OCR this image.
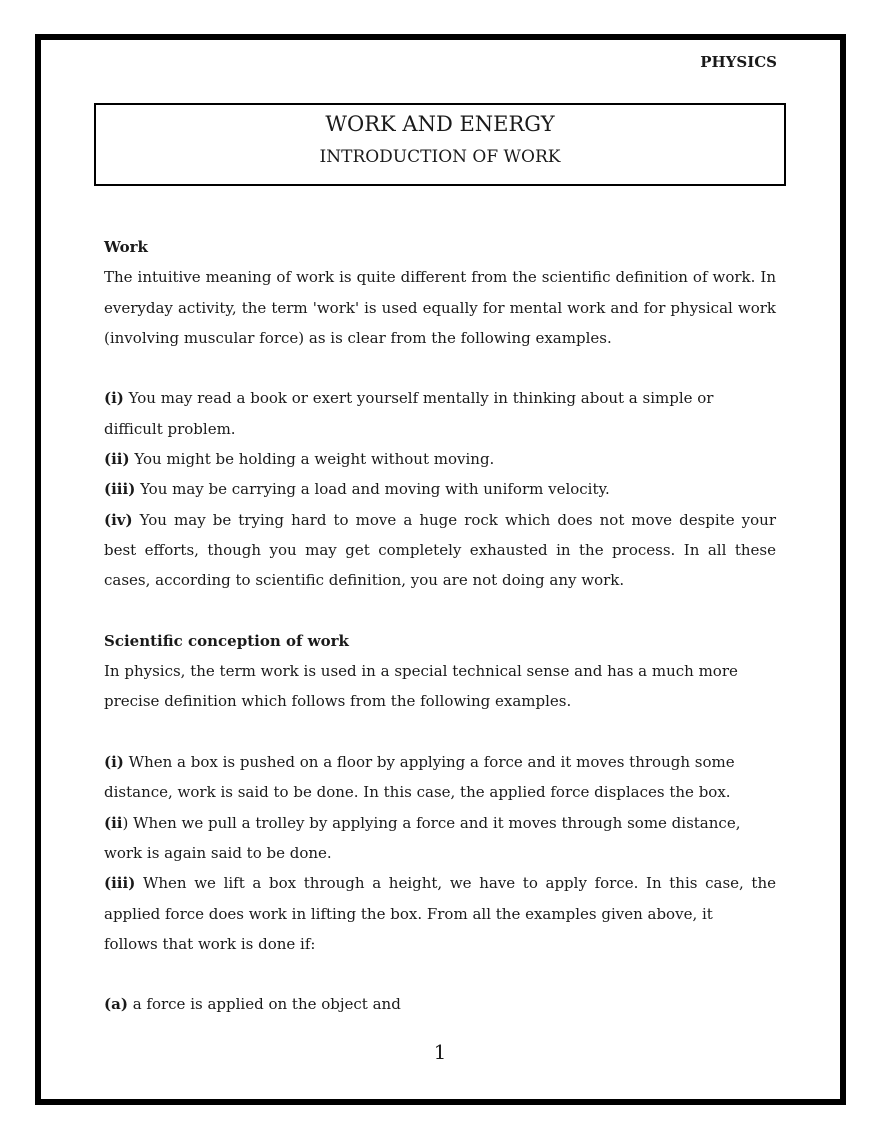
PHYSICS
WORK AND ENERGY
INTRODUCTION OF WORK

Work

The intuitive meaning of work is quite different from the scientific definition of work. In everyday activity, the term 'work' is used equally for mental work and for physical work (involving muscular force) as is clear from the following examples.

(i) You may read a book or exert yourself mentally in thinking about a simple or

difficult problem.

(ii) You might be holding a weight without moving.

(iii) You may be carrying a load and moving with uniform velocity.

(iv) You may be trying hard to move a huge rock which does not move despite your best efforts, though you may get completely exhausted in the process. In all these cases, according to scientific definition, you are not doing any work.

Scientific conception of work

In physics, the term work is used in a special technical sense and has a much more precise definition which follows from the following examples.

(i) When a box is pushed on a floor by applying a force and it moves through some

distance, work is said to be done. In this case, the applied force displaces the box.

(ii) When we pull a trolley by applying a force and it moves through some distance, work is again said to be done.

(iii) When we lift a box through a height, we have to apply force. In this case, the applied force does work in lifting the box. From all the examples given above, it

follows that work is done if:

(a) a force is applied on the object and

1
